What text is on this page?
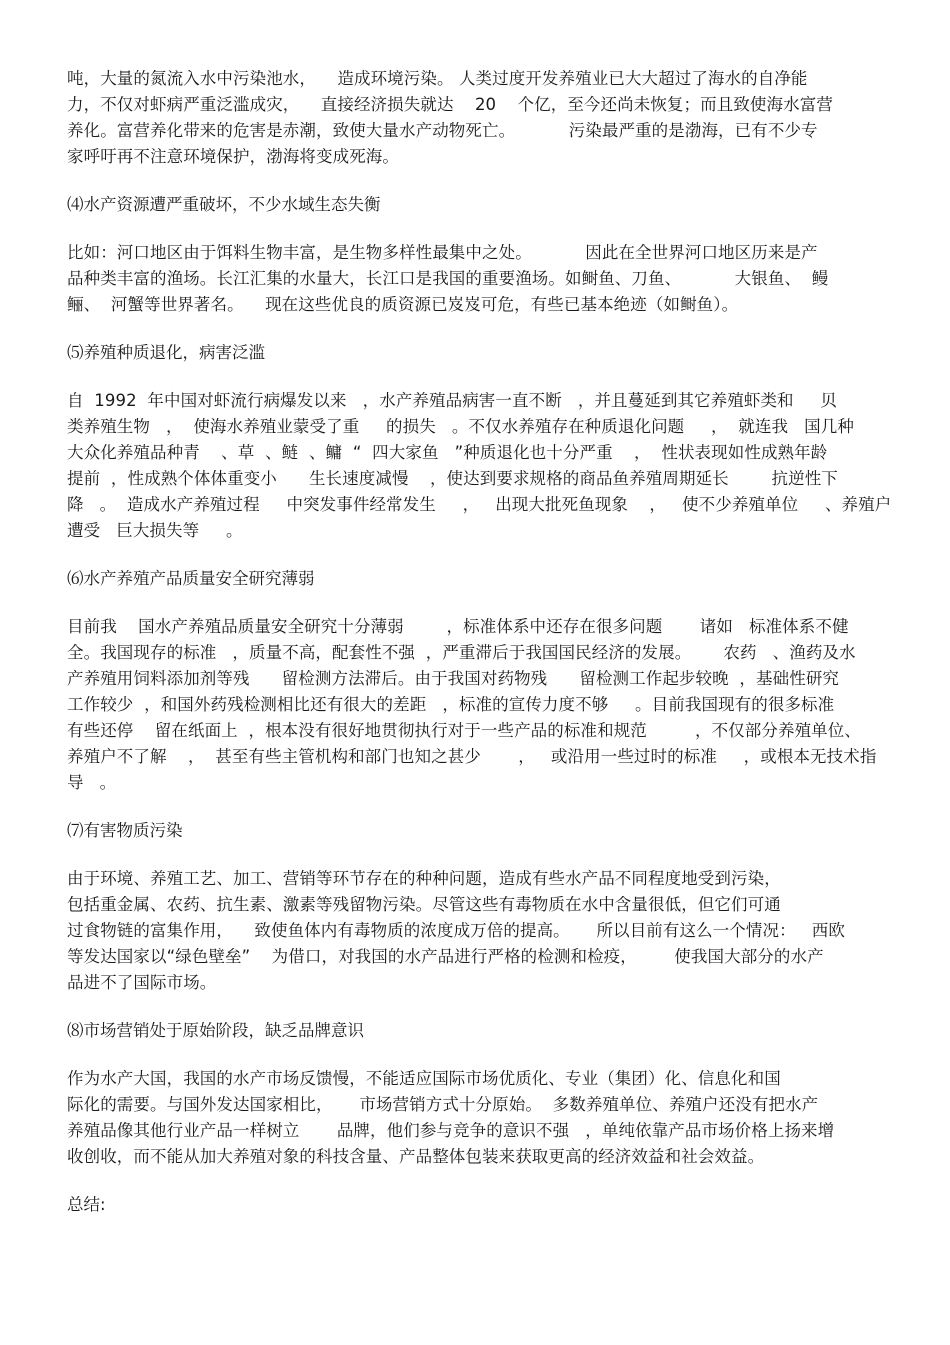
吨，大量的氮流入水中污染池水，    造成环境污染。 人类过度开发养殖业已大大超过了海水的自净能
力，不仅对虾病严重泛滥成灾，    直接经济损失就达    20    个亿，至今还尚未恢复；而且致使海水富营
养化。富营养化带来的危害是赤潮，致使大量水产动物死亡。          污染最严重的是渤海，已有不少专
家呼吁再不注意环境保护，渤海将变成死海。
⑷水产资源遭严重破坏，不少水域生态失衡
比如：河口地区由于饵料生物丰富，是生物多样性最集中之处。          因此在全世界河口地区历来是产
品种类丰富的渔场。长江汇集的水量大，长江口是我国的重要渔场。如鲥鱼、刀鱼、          大银鱼、  鳗
鲡、  河蟹等世界著名。    现在这些优良的质资源已岌岌可危，有些已基本绝迹（如鲥鱼）。
⑸养殖种质退化，病害泛滥
自  1992  年中国对虾流行病爆发以来   ，水产养殖品病害一直不断   ，并且蔓延到其它养殖虾类和     贝
类养殖生物   ，  使海水养殖业蒙受了重     的损失   。不仅水养殖存在种质退化问题     ，  就连我   国几种
大众化养殖品种青    、草  、鲢  、鳙  “  四大家鱼   ”种质退化也十分严重    ，  性状表现如性成熟年龄
提前  ，性成熟个体体重变小      生长速度减慢    ，使达到要求规格的商品鱼养殖周期延长        抗逆性下
降   。  造成水产养殖过程     中突发事件经常发生     ，   出现大批死鱼现象    ，   使不少养殖单位     、养殖户
遭受   巨大损失等     。
⑹水产养殖产品质量安全研究薄弱
目前我    国水产养殖品质量安全研究十分薄弱        ，标准体系中还存在很多问题       诸如   标准体系不健
全。我国现存的标准   ，质量不高，配套性不强  ，严重滞后于我国国民经济的发展。      农药   、渔药及水
产养殖用饲料添加剂等残      留检测方法滞后。由于我国对药物残      留检测工作起步较晚  ，基础性研究
工作较少  ，和国外药残检测相比还有很大的差距   ，标准的宣传力度不够     。目前我国现有的很多标准
有些还停    留在纸面上  ，根本没有很好地贯彻执行对于一些产品的标准和规范         ，不仅部分养殖单位、
养殖户不了解    ，  甚至有些主管机构和部门也知之甚少       ，   或沿用一些过时的标准     ，或根本无技术指
导   。
⑺有害物质污染
由于环境、养殖工艺、加工、营销等环节存在的种种问题，造成有些水产品不同程度地受到污染，
包括重金属、农药、抗生素、激素等残留物污染。尽管这些有毒物质在水中含量很低，但它们可通
过食物链的富集作用，    致使鱼体内有毒物质的浓度成万倍的提高。     所以目前有这么一个情况：   西欧
等发达国家以“绿色壁垒”    为借口，对我国的水产品进行严格的检测和检疫，       使我国大部分的水产
品进不了国际市场。
⑻市场营销处于原始阶段，缺乏品牌意识
作为水产大国，我国的水产市场反馈慢，不能适应国际市场优质化、专业（集团）化、信息化和国
际化的需要。与国外发达国家相比，     市场营销方式十分原始。  多数养殖单位、养殖户还没有把水产
养殖品像其他行业产品一样树立       品牌，他们参与竞争的意识不强   ，单纯依靠产品市场价格上扬来增
收创收，而不能从加大养殖对象的科技含量、产品整体包装来获取更高的经济效益和社会效益。
总结:
